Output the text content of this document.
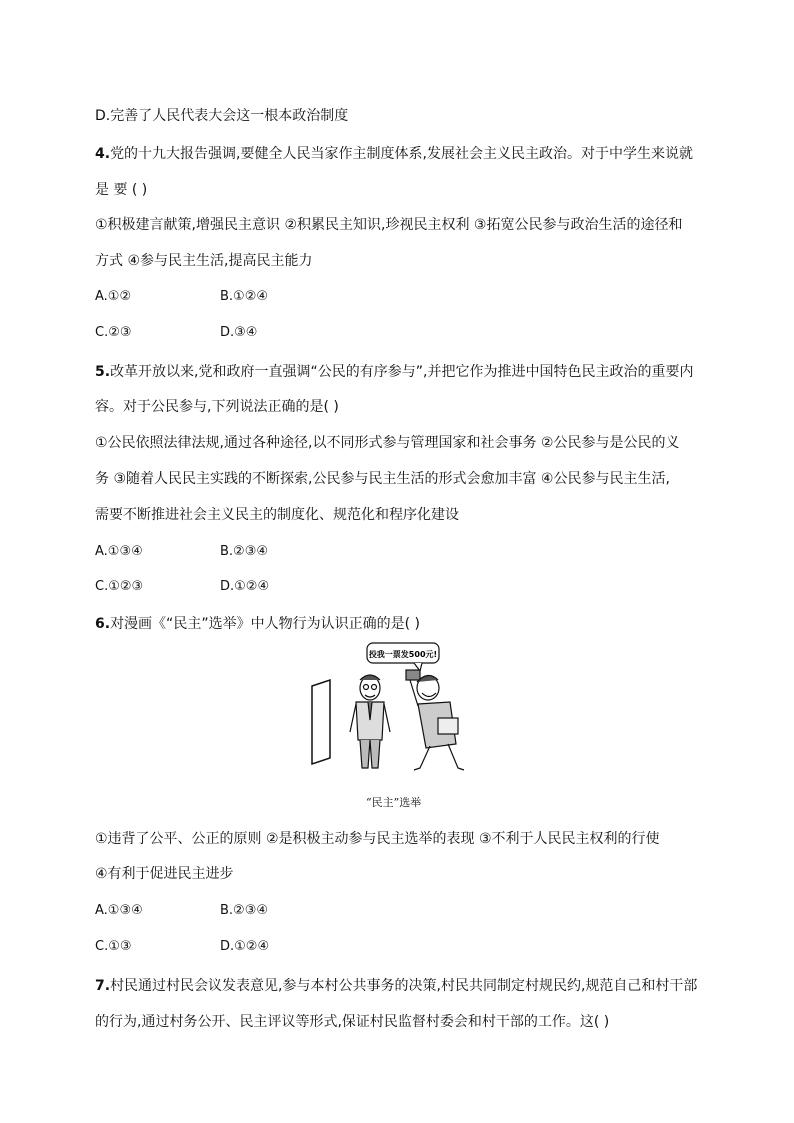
D.完善了人民代表大会这一根本政治制度
4.党的十九大报告强调,要健全人民当家作主制度体系,发展社会主义民主政治。对于中学生来说就
是 要 ( )
①积极建言献策,增强民主意识 ②积累民主知识,珍视民主权利 ③拓宽公民参与政治生活的途径和
方式 ④参与民主生活,提高民主能力
A.①②	B.①②④
C.②③	D.③④
5.改革开放以来,党和政府一直强调“公民的有序参与”,并把它作为推进中国特色民主政治的重要内
容。对于公民参与,下列说法正确的是( )
①公民依照法律法规,通过各种途径,以不同形式参与管理国家和社会事务 ②公民参与是公民的义
务 ③随着人民民主实践的不断探索,公民参与民主生活的形式会愈加丰富 ④公民参与民主生活,
需要不断推进社会主义民主的制度化、规范化和程序化建设
A.①③④	B.②③④
C.①②③	D.①②④
6.对漫画《“民主”选举》中人物行为认识正确的是( )
投我一票发500元!
“民主”选举
①违背了公平、公正的原则 ②是积极主动参与民主选举的表现 ③不利于人民民主权利的行使
④有利于促进民主进步
A.①③④	B.②③④
C.①③	D.①②④
7.村民通过村民会议发表意见,参与本村公共事务的决策,村民共同制定村规民约,规范自己和村干部
的行为,通过村务公开、民主评议等形式,保证村民监督村委会和村干部的工作。这( )
